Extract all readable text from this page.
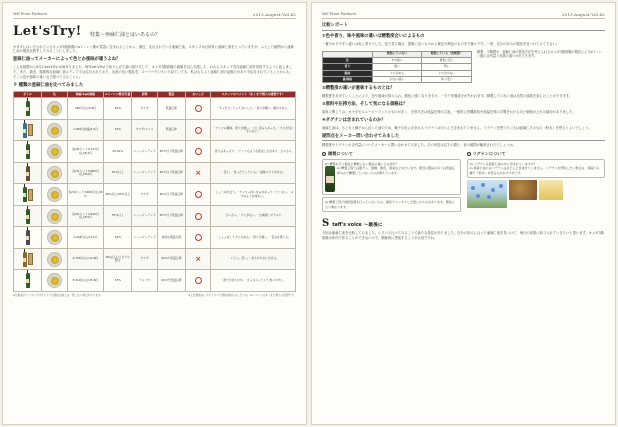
Yell From Partners	2015.August.Vol.42
Let'sTry! 特集～亜麻仁油とはいあるの？

カタダにはいきされているオメガ3脂肪酸のαリノレン酸が豊富に含まれることから、最近、注目されている亜麻仁油。スタッフは日頃常に亜麻仁油をとっていますが、ふとした疑問から亜麻仁油の製品比較をしてみることにしました。

亜麻仁油ってメーカーによって色とか風味が違うよね？

こんな疑問から9月のLet'sTry!は始まりました。毎年Let'sTry!で取り上げて調べ続け方して、オメガ3脂肪酸の価値を自ら実感した、われらスタッフ各自亜麻仁油を常用するように致しました。また、最近、健康的な亜麻仁油メディアでは注目されており、出来の良い製品を、スーパーでいろいろ見ていても、私はもちよく亜麻仁油の品揃えがあり今注目されていることからも、そこに色や風味の違いなど調べてみることに。

９ 種類の亜麻仁油を比べてみました
ボトル	色	価格/1gの価格	αリノレン酸含有量	原料	製造	おいしさ	スタッフのコメント（あくまで個人の感想です）

	766円(込)/3.9円	54%	カナダ	低温圧搾		・すっきりしていておいしい。・香りが軽い。癖が少ない。

	1,000円前後/4.5円	54%	カナダ/スイス	低温圧搾		・ナッツの風味、香りが強い。・少し苦みもあった。・クセが気にならない。

	各2本セット2,117円(込)/8.2円	52-61%	ニュージーランド	40℃以下低温圧搾		・香りはあっさり。・ナッツのような香ばしさがあり、さらさら。

	各2本セット3,085円(込)/8.6円	52%以上	ニュージーランド	40℃以下低温圧搾	×	・苦い。・まったりしている。・後味にクセがある。

	各2本セット3,665円(込)/9円	58%以上/55%以上	カナダ	40℃以下低温圧搾		・しょうゆが合う。・ナッツっぽい甘みがあってくどくない。・ゴマのような味わい。

	各2本セット2,940円(込)/8.5円	55%以上	ニュージーランド	40℃以下低温圧搾		・さらさら。・クセがない。・全体的にマイルド。

	1,944円(込)/9.2円	54%	ニュージーランド	独自の低温圧搾		・しょっぱくてクセがある。・香りが強い。・苦みを感じる。

	4,704円(込)/12.8円	60％以上/ミネラル配合	カナダ	Qtr4で低温圧搾	×	・くどい。苦い。・まろやかさに欠ける。

	3,410円(込)/15.6円	57%	アメリカ	Qtr4で低温圧搾		・香りがまろやか。・さらさらしていて食べやすい。
※比較品のランキングはサイトでの製品比較とは一致しない場合があります。	※上記価格はいずれもすべて価格を税込みしたもの。※コメントはあくまで個人の感想です。
Yell From Partners	2015.August.Vol.42
比較レポート
①色や香り、味や風味の違いは精製度合いによるもの

一番分かりやすい違いは色と香りでした。色で見た場合、透明に近いものから黄色や褐色のものまで様々です。一度、自分の好みの製品を見つけてみて下さい。

	精製していない	精製している（低精製）
色	やや暗い	黄色に近い
香り	強い	弱い
風味	クセがある	クセが少ない
量/価格	少ない/高い	多い/安い
精製、不精製か、亜麻仁油の製造方法を考えられるオメガ3脂肪酸の製法によりαリノレン酸の含有量と品質の違いが出てきます。
②精製度の違いが意味するものとは？

精製度をあげていくことにより、色や風味が抑えられ、酸化に強くなりますが、一方で栄養成分が失われます。精製していない油は自然の風味を楽しむことができます。

③原料や圧搾方法、そして気になる価格は？

原料に関しては、カナダやニュージーランドのものが多く、圧搾方法は低温圧搾が主流。一般的に有機栽培や低温圧搾の手間をかけるほど価格が上がる傾向がありました。

④ダグナンは含まれているのか？

亜麻仁油は、もともと種子から絞った油のため、種子の皮に含まれるリグナンはほとんど含まれていません。リグナンを摂りたい方は亜麻仁そのもの（粉末）を摂るとよいでしょう。

疑問点をメーカー問い合わせてみました

精製度やリグナンの含有量についてメーカーに問い合わせてみました。その内容は以下の通り、皆の疑問が解消されたでしょうか。

精製について
Q) 精製を行う製品と精製しない製品の違いとは何か？
A) 精製工程では脱ガム、脱酸、脱色、脱臭などを行います。最近の製品の多くは低温圧搾のみで精製していないものが増えています。
A) 精製工程で加熱処理を行っていないもの、脱色でスッキリした感じのものがあります。製品により異なります。
リグナンについて
Q) リグナンは亜麻仁油の中に含まれていますか？
A) 亜麻仁油にはリグナンはほとんど含まれていません。リグナンを摂取したい場合は、亜麻仁の種子（粉末）を摂るのがおすすめです。
S taff's voice ～最後に

今回は亜麻仁油を比較してみました。いろいろ比べてみることで新たな発見がありました。自分の好みに合った亜麻仁油を見つけて、毎日の食事に取り入れていきたいと思います。オメガ3脂肪酸は体内で作ることができないので、積極的に摂取することが大切ですね。
